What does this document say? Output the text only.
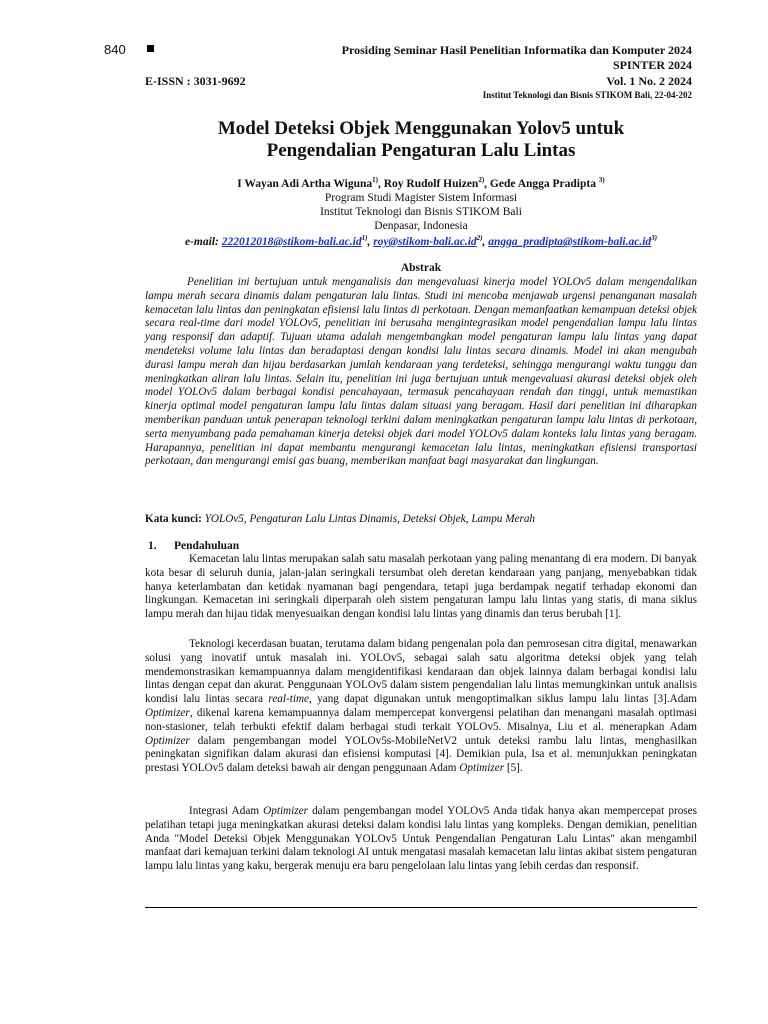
840	Prosiding Seminar Hasil Penelitian Informatika dan Komputer 2024
SPINTER 2024
E-ISSN : 3031-9692	Vol. 1 No. 2 2024
Institut Teknologi dan Bisnis STIKOM Bali, 22-04-202
Model Deteksi Objek Menggunakan Yolov5 untuk
Pengendalian Pengaturan Lalu Lintas
I Wayan Adi Artha Wiguna$^{1)}$, Roy Rudolf Huizen$^{2)}$, Gede Angga Pradipta $^{3)}$
Program Studi Magister Sistem Informasi
Institut Teknologi dan Bisnis STIKOM Bali
Denpasar, Indonesia
e-mail: $222012018@stikom-bali.ac.id^{1)}$, $roy@stikom-bali.ac.id^{2)}$, $angga\_pradipta@stikom-bali.ac.id^{3)}$
Abstrak
Penelitian ini bertujuan untuk menganalisis dan mengevaluasi kinerja model YOLOv5 dalam mengendalikan lampu merah secara dinamis dalam pengaturan lalu lintas. Studi ini mencoba menjawab urgensi penanganan masalah kemacetan lalu lintas dan peningkatan efisiensi lalu lintas di perkotaan. Dengan memanfaatkan kemampuan deteksi objek secara real-time dari model YOLOv5, penelitian ini berusaha mengintegrasikan model pengendalian lampu lalu lintas yang responsif dan adaptif. Tujuan utama adalah mengembangkan model pengaturan lampu lalu lintas yang dapat mendeteksi volume lalu lintas dan beradaptasi dengan kondisi lalu lintas secara dinamis. Model ini akan mengubah durasi lampu merah dan hijau berdasarkan jumlah kendaraan yang terdeteksi, sehingga mengurangi waktu tunggu dan meningkatkan aliran lalu lintas. Selain itu, penelitian ini juga bertujuan untuk mengevaluasi akurasi deteksi objek oleh model YOLOv5 dalam berbagai kondisi pencahayaan, termasuk pencahayaan rendah dan tinggi, untuk memastikan kinerja optimal model pengaturan lampu lalu lintas dalam situasi yang beragam. Hasil dari penelitian ini diharapkan memberikan panduan untuk penerapan teknologi terkini dalam meningkatkan pengaturan lampu lalu lintas di perkotaan, serta menyumbang pada pemahaman kinerja deteksi objek dari model YOLOv5 dalam konteks lalu lintas yang beragam. Harapannya, penelitian ini dapat membantu mengurangi kemacetan lalu lintas, meningkatkan efisiensi transportasi perkotaan, dan mengurangi emisi gas buang, memberikan manfaat bagi masyarakat dan lingkungan.
Kata kunci: YOLOv5, Pengaturan Lalu Lintas Dinamis, Deteksi Objek, Lampu Merah
1. Pendahuluan
Kemacetan lalu lintas merupakan salah satu masalah perkotaan yang paling menantang di era modern. Di banyak kota besar di seluruh dunia, jalan-jalan seringkali tersumbat oleh deretan kendaraan yang panjang, menyebabkan tidak hanya keterlambatan dan ketidak nyamanan bagi pengendara, tetapi juga berdampak negatif terhadap ekonomi dan lingkungan. Kemacetan ini seringkali diperparah oleh sistem pengaturan lampu lalu lintas yang statis, di mana siklus lampu merah dan hijau tidak menyesuaikan dengan kondisi lalu lintas yang dinamis dan terus berubah [1].
Teknologi kecerdasan buatan, terutama dalam bidang pengenalan pola dan pemrosesan citra digital, menawarkan solusi yang inovatif untuk masalah ini. YOLOv5, sebagai salah satu algoritma deteksi objek yang telah mendemonstrasikan kemampuannya dalam mengidentifikasi kendaraan dan objek lainnya dalam berbagai kondisi lalu lintas dengan cepat dan akurat. Penggunaan YOLOv5 dalam sistem pengendalian lalu lintas memungkinkan untuk analisis kondisi lalu lintas secara real-time, yang dapat digunakan untuk mengoptimalkan siklus lampu lalu lintas [3].Adam Optimizer, dikenal karena kemampuannya dalam mempercepat konvergensi pelatihan dan menangani masalah optimasi non-stasioner, telah terbukti efektif dalam berbagai studi terkait YOLOv5. Misalnya, Liu et al. menerapkan Adam Optimizer dalam pengembangan model YOLOv5s-MobileNetV2 untuk deteksi rambu lalu lintas, menghasilkan peningkatan signifikan dalam akurasi dan efisiensi komputasi [4]. Demikian pula, Isa et al. menunjukkan peningkatan prestasi YOLOv5 dalam deteksi bawah air dengan penggunaan Adam Optimizer [5].
Integrasi Adam Optimizer dalam pengembangan model YOLOv5 Anda tidak hanya akan mempercepat proses pelatihan tetapi juga meningkatkan akurasi deteksi dalam kondisi lalu lintas yang kompleks. Dengan demikian, penelitian Anda "Model Deteksi Objek Menggunakan YOLOv5 Untuk Pengendalian Pengaturan Lalu Lintas" akan mengambil manfaat dari kemajuan terkini dalam teknologi AI untuk mengatasi masalah kemacetan lalu lintas akibat sistem pengaturan lampu lalu lintas yang kaku, bergerak menuju era baru pengelolaan lalu lintas yang lebih cerdas dan responsif.
